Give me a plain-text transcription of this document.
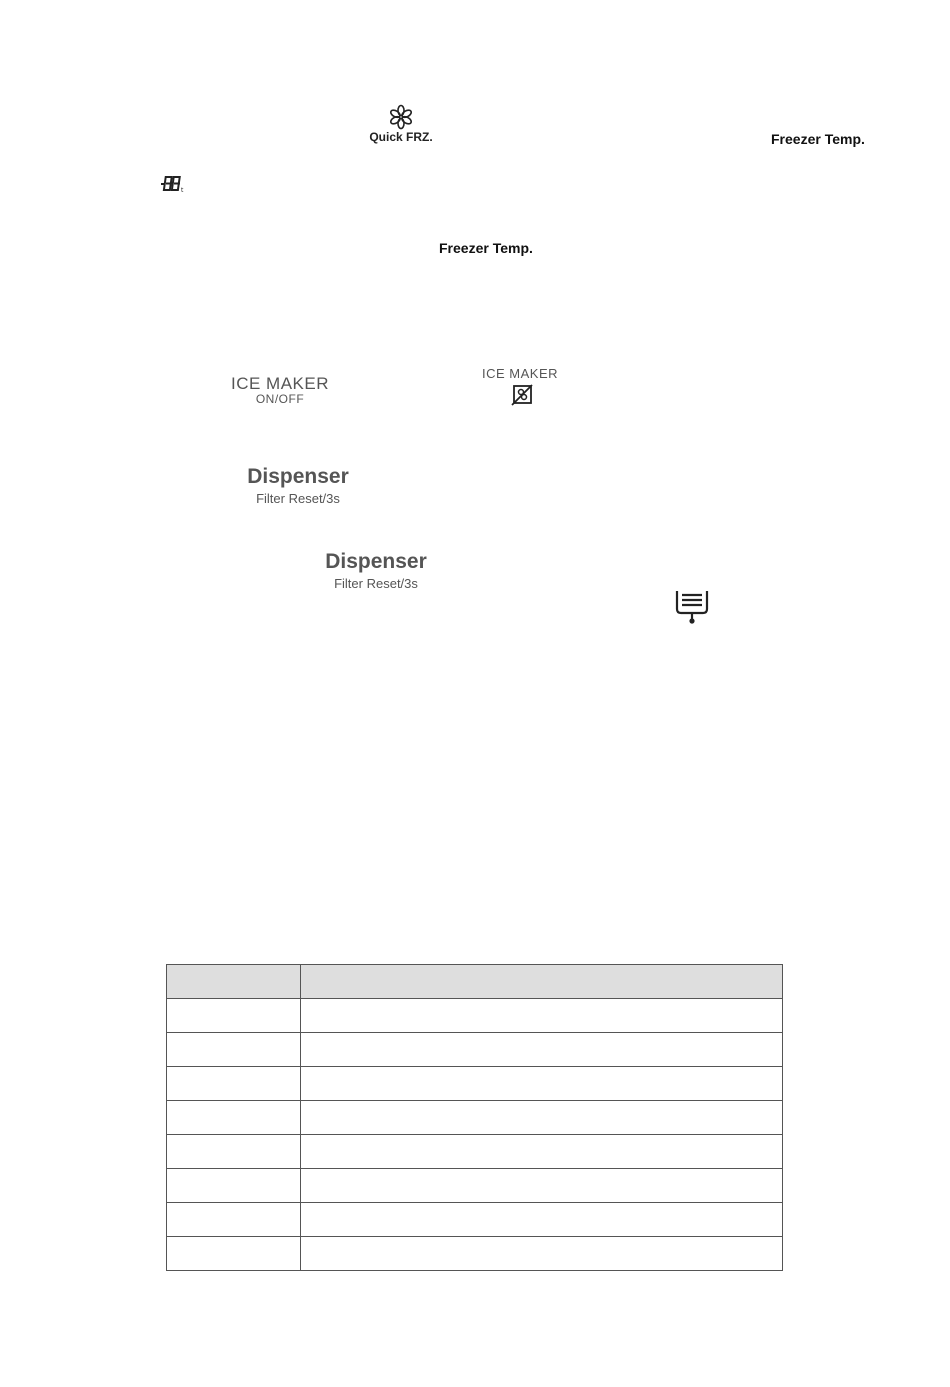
Quick FRZ.	Freezer Temp.
t
Freezer Temp.
ICE MAKER
ON/OFF
ICE MAKER
Dispenser
Filter Reset/3s
Dispenser
Filter Reset/3s
